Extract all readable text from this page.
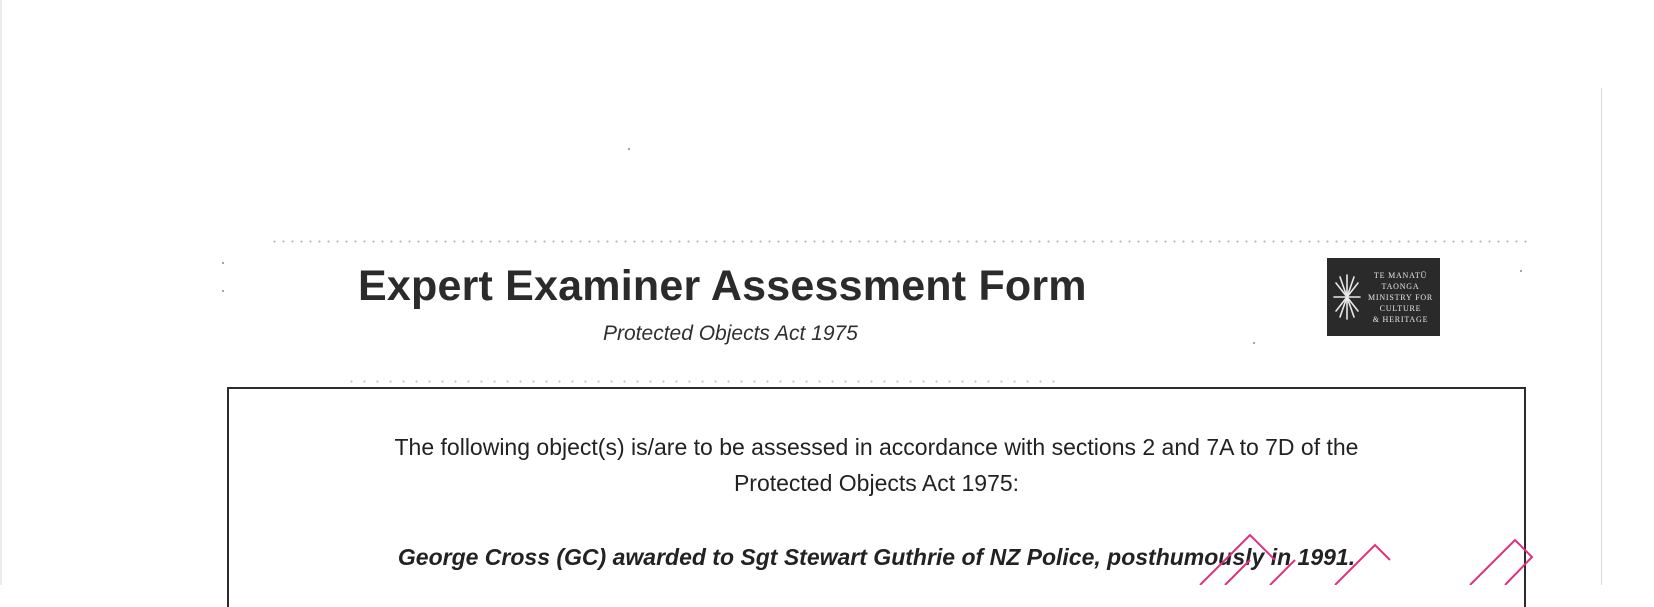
Expert Examiner Assessment Form
Protected Objects Act 1975
TE MANATŪ
TAONGA
MINISTRY FOR
CULTURE
& HERITAGE

The following object(s) is/are to be assessed in accordance with sections 2 and 7A to 7D of the
Protected Objects Act 1975:

George Cross (GC) awarded to Sgt Stewart Guthrie of NZ Police, posthumously in 1991.
